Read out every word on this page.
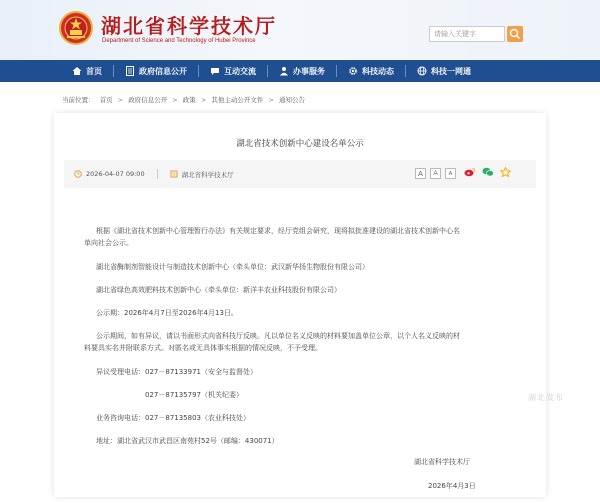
湖北省科学技术厅
Department of Science and Technology of Hubei Province
请输入关键字
首页	政府信息公开	互动交流	办事服务	科技动态	科技一网通
当前位置： 首页 > 政府信息公开 > 政策 > 其他主动公开文件 > 通知公告
湖北省技术创新中心建设名单公示
2026-04-07 09:00	湖北省科学技术厅	A	A	A

根据《湖北省技术创新中心管理暂行办法》有关规定要求，经厅党组会研究，现将拟批准建设的湖北省技术创新中心名

单向社会公示。

湖北省酶制剂智能设计与制造技术创新中心（牵头单位：武汉新华扬生物股份有限公司）

湖北省绿色高效肥料技术创新中心（牵头单位：新洋丰农业科技股份有限公司）

公示期：2026年4月7日至2026年4月13日。

公示期间，如有异议，请以书面形式向省科技厅反映。凡以单位名义反映的材料要加盖单位公章，以个人名义反映的材

料要具实名并附联系方式。对匿名或无具体事实根据的情况反映，不予受理。

异议受理电话：027－87133971（安全与监督处）

027－87135797（机关纪委）

业务咨询电话：027－87135803（农业科技处）

地址：湖北省武汉市武昌区南苑村52号（邮编：430071）

湖北省科学技术厅
2026年4月3日
湖北发布
